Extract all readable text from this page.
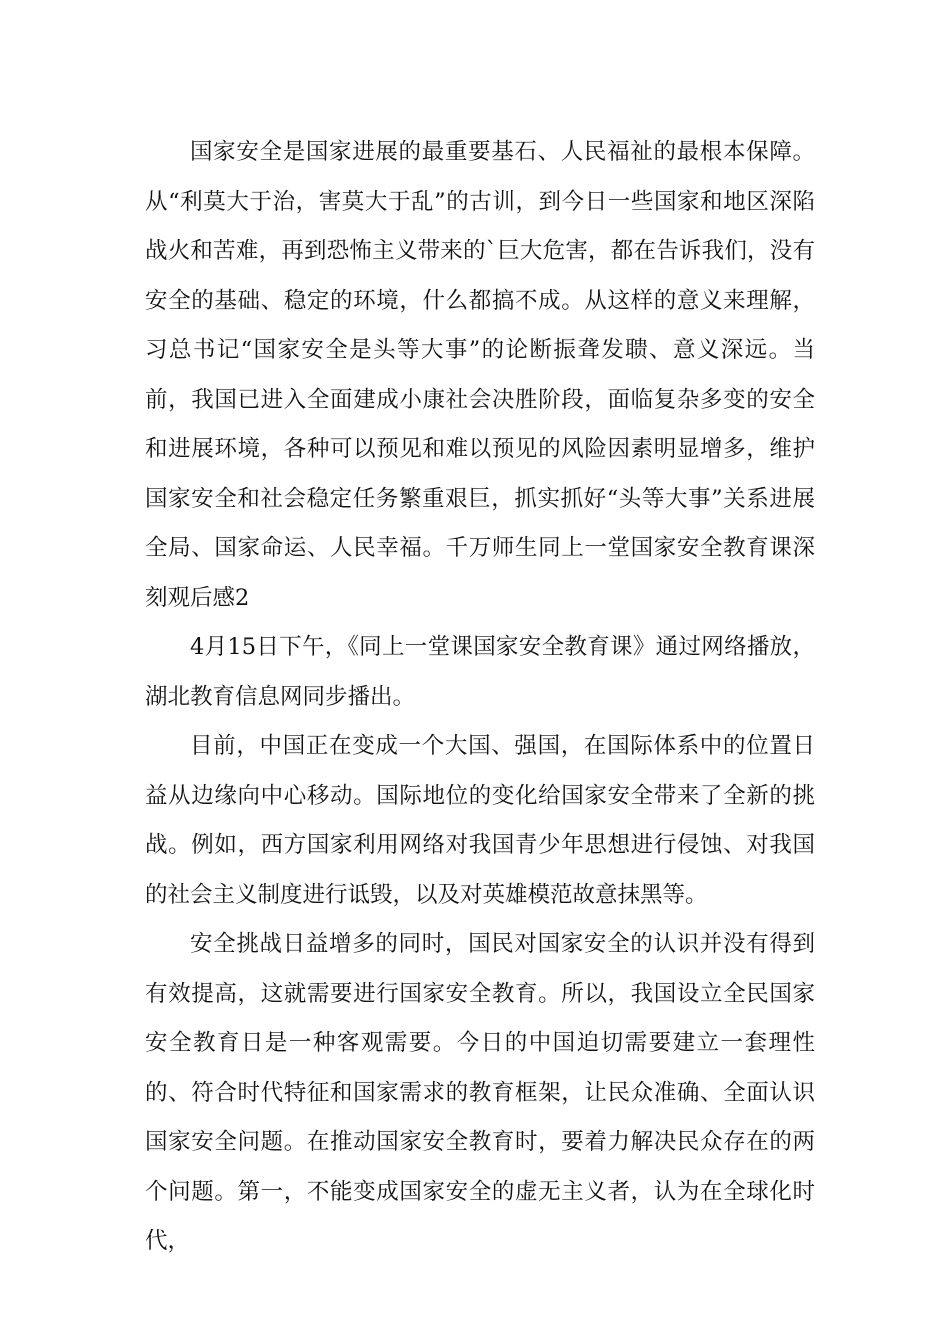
国家安全是国家进展的最重要基石、人民福祉的最根本保障。从“利莫大于治，害莫大于乱”的古训，到今日一些国家和地区深陷战火和苦难，再到恐怖主义带来的`巨大危害，都在告诉我们，没有安全的基础、稳定的环境，什么都搞不成。从这样的意义来理解，习总书记“国家安全是头等大事”的论断振聋发聩、意义深远。当前，我国已进入全面建成小康社会决胜阶段，面临复杂多变的安全和进展环境，各种可以预见和难以预见的风险因素明显增多，维护国家安全和社会稳定任务繁重艰巨，抓实抓好“头等大事”关系进展全局、国家命运、人民幸福。千万师生同上一堂国家安全教育课深刻观后感2

4月15日下午，《同上一堂课国家安全教育课》通过网络播放，湖北教育信息网同步播出。

目前，中国正在变成一个大国、强国，在国际体系中的位置日益从边缘向中心移动。国际地位的变化给国家安全带来了全新的挑战。例如，西方国家利用网络对我国青少年思想进行侵蚀、对我国的社会主义制度进行诋毁，以及对英雄模范故意抹黑等。

安全挑战日益增多的同时，国民对国家安全的认识并没有得到有效提高，这就需要进行国家安全教育。所以，我国设立全民国家安全教育日是一种客观需要。今日的中国迫切需要建立一套理性的、符合时代特征和国家需求的教育框架，让民众准确、全面认识国家安全问题。在推动国家安全教育时，要着力解决民众存在的两个问题。第一，不能变成国家安全的虚无主义者，认为在全球化时代，
